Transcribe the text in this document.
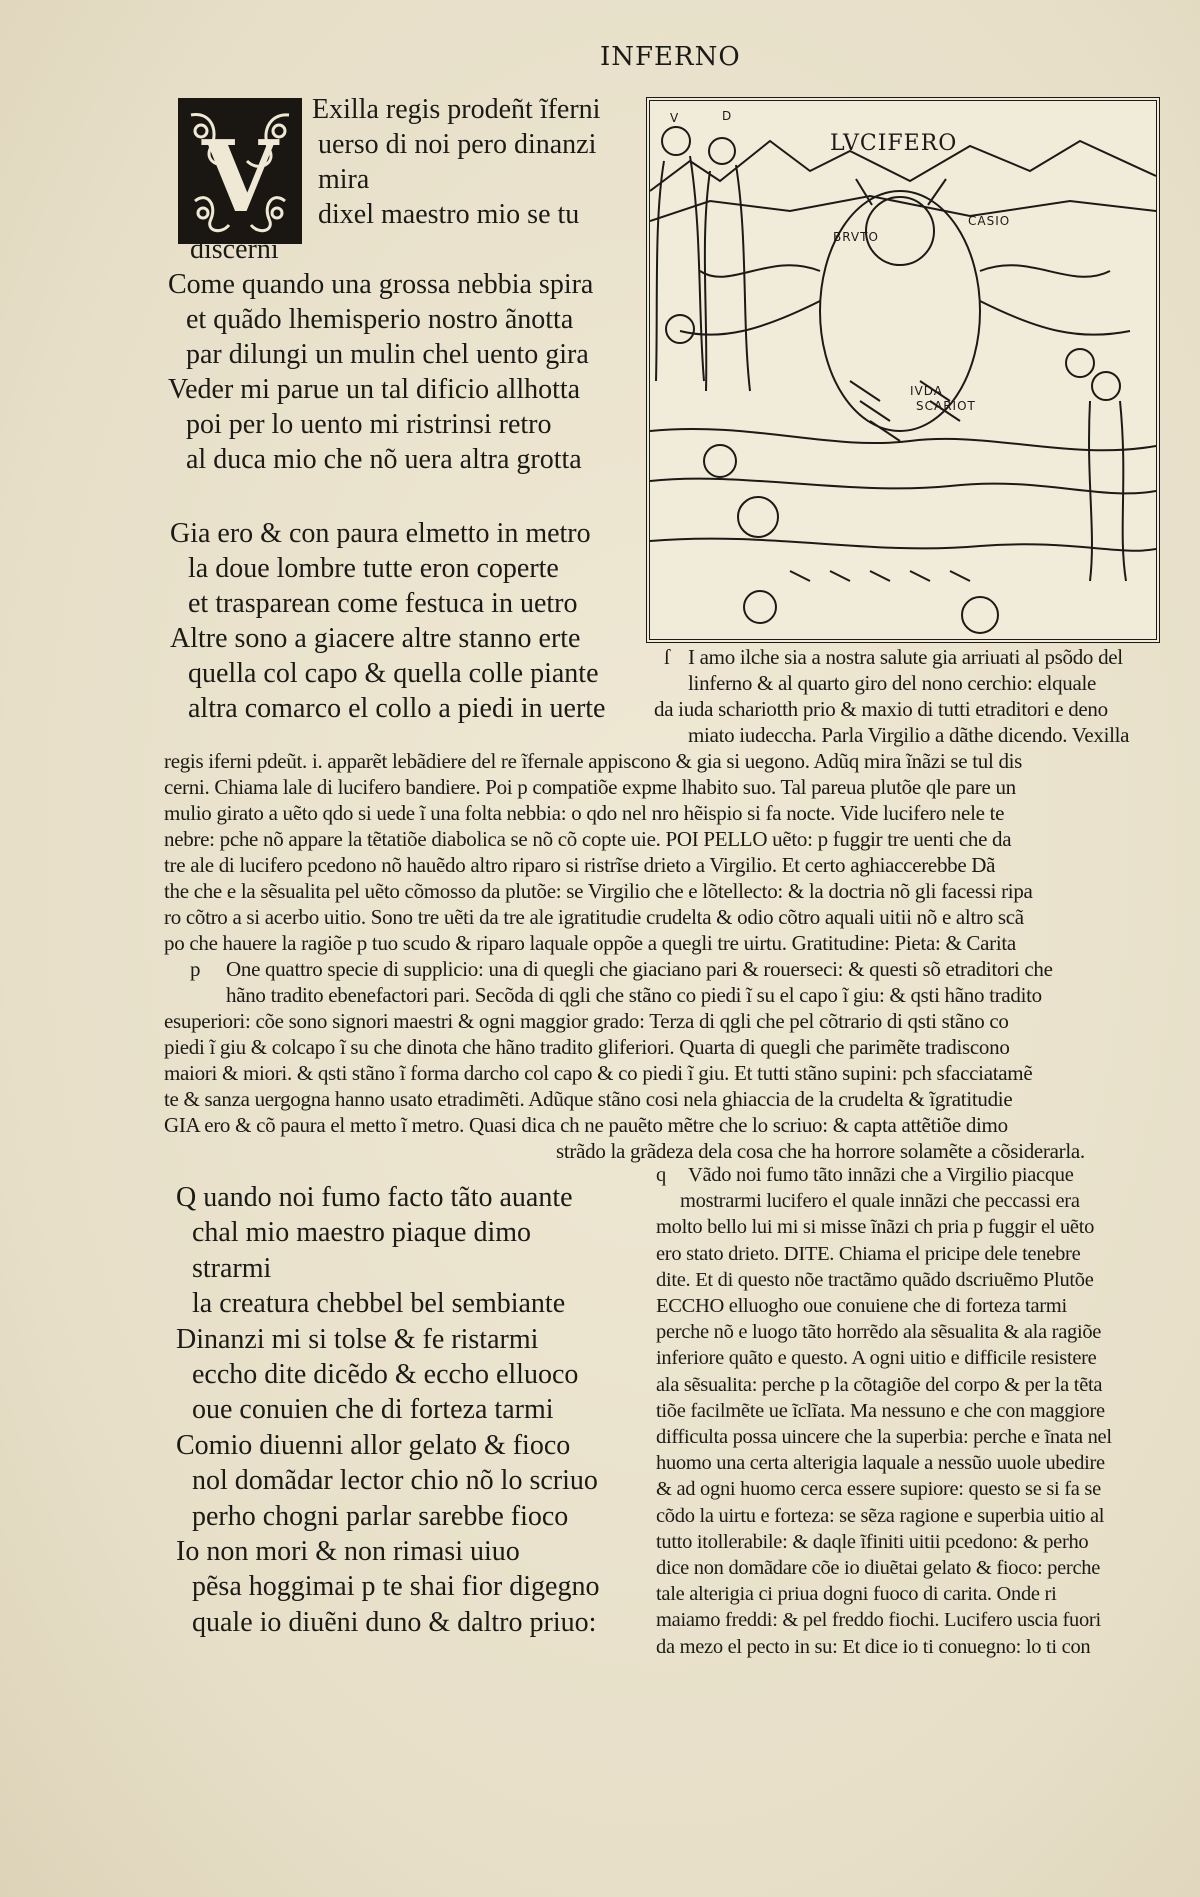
INFERNO
V
Exilla regis prodeñt ĩferni
uerso di noi pero dinanzi
mira
dixel maestro mio se tu
discerni
Come quando una grossa nebbia spira
et quãdo lhemisperio nostro ãnotta
par dilungi un mulin chel uento gira
Veder mi parue un tal dificio allhotta
poi per lo uento mi ristrinsi retro
al duca mio che nõ uera altra grotta
Gia ero & con paura elmetto in metro
la doue lombre tutte eron coperte
et trasparean come festuca in uetro
Altre sono a giacere altre stanno erte
quella col capo & quella colle piante
altra comarco el collo a piedi in uerte
LVCIFERO
BRVTO
CASIO
IVDA
SCARIOT
V	D
ſ I amo ilche sia a nostra salute gia arriuati al psõdo del
linferno & al quarto giro del nono cerchio: elquale
da iuda schariotth prio & maxio di tutti etraditori e deno
miato iudeccha. Parla Virgilio a dãthe dicendo. Vexilla
regis iferni pdeũt. i. apparẽt lebãdiere del re ĩfernale appiscono & gia si uegono. Adũq mira ĩnãzi se tul dis
cerni. Chiama lale di lucifero bandiere. Poi p compatiõe expme lhabito suo. Tal pareua plutõe qle pare un
mulio girato a uẽto qdo si uede ĩ una folta nebbia: o qdo nel nro hẽispio si fa nocte. Vide lucifero nele te
nebre: pche nõ appare la tẽtatiõe diabolica se nõ cõ copte uie. POI PELLO uẽto: p fuggir tre uenti che da
tre ale di lucifero pcedono nõ hauẽdo altro riparo si ristrĩse drieto a Virgilio. Et certo aghiaccerebbe Dã
the che e la sẽsualita pel uẽto cõmosso da plutõe: se Virgilio che e lõtellecto: & la doctria nõ gli facessi ripa
ro cõtro a si acerbo uitio. Sono tre uẽti da tre ale igratitudie crudelta & odio cõtro aquali uitii nõ e altro scã
po che hauere la ragiõe p tuo scudo & riparo laquale oppõe a quegli tre uirtu. Gratitudine: Pieta: & Carita
p One quattro specie di supplicio: una di quegli che giaciano pari & rouerseci: & questi sõ etraditori che
hãno tradito ebenefactori pari. Secõda di qgli che stãno co piedi ĩ su el capo ĩ giu: & qsti hãno tradito
esuperiori: cõe sono signori maestri & ogni maggior grado: Terza di qgli che pel cõtrario di qsti stãno co
piedi ĩ giu & colcapo ĩ su che dinota che hãno tradito gliferiori. Quarta di quegli che parimẽte tradiscono
maiori & miori. & qsti stãno ĩ forma darcho col capo & co piedi ĩ giu. Et tutti stãno supini: pch sfacciatamẽ
te & sanza uergogna hanno usato etradimẽti. Adũque stãno cosi nela ghiaccia de la crudelta & ĩgratitudie
GIA ero & cõ paura el metto ĩ metro. Quasi dica ch ne pauẽto mẽtre che lo scriuo: & capta attẽtiõe dimo
strãdo la grãdeza dela cosa che ha horrore solamẽte a cõsiderarla.
Q uando noi fumo facto tãto auante
chal mio maestro piaque dimo
strarmi
la creatura chebbel bel sembiante
Dinanzi mi si tolse & fe ristarmi
eccho dite dicẽdo & eccho elluoco
oue conuien che di forteza tarmi
Comio diuenni allor gelato & fioco
nol domãdar lector chio nõ lo scriuo
perho chogni parlar sarebbe fioco
Io non mori & non rimasi uiuo
pẽsa hoggimai p te shai fior digegno
quale io diuẽni duno & daltro priuo:
q Vãdo noi fumo tãto innãzi che a Virgilio piacque
mostrarmi lucifero el quale innãzi che peccassi era
molto bello lui mi si misse ĩnãzi ch pria p fuggir el uẽto
ero stato drieto. DITE. Chiama el pricipe dele tenebre
dite. Et di questo nõe tractãmo quãdo dscriuẽmo Plutõe
ECCHO elluogho oue conuiene che di forteza tarmi
perche nõ e luogo tãto horrẽdo ala sẽsualita & ala ragiõe
inferiore quãto e questo. A ogni uitio e difficile resistere
ala sẽsualita: perche p la cõtagiõe del corpo & per la tẽta
tiõe facilmẽte ue ĩclĩata. Ma nessuno e che con maggiore
difficulta possa uincere che la superbia: perche e ĩnata nel
huomo una certa alterigia laquale a nessũo uuole ubedire
& ad ogni huomo cerca essere supiore: questo se si fa se
cõdo la uirtu e forteza: se sẽza ragione e superbia uitio al
tutto itollerabile: & daqle ĩfiniti uitii pcedono: & perho
dice non domãdare cõe io diuẽtai gelato & fioco: perche
tale alterigia ci priua dogni fuoco di carita. Onde ri
maiamo freddi: & pel freddo fiochi. Lucifero uscia fuori
da mezo el pecto in su: Et dice io ti conuegno: lo ti con
